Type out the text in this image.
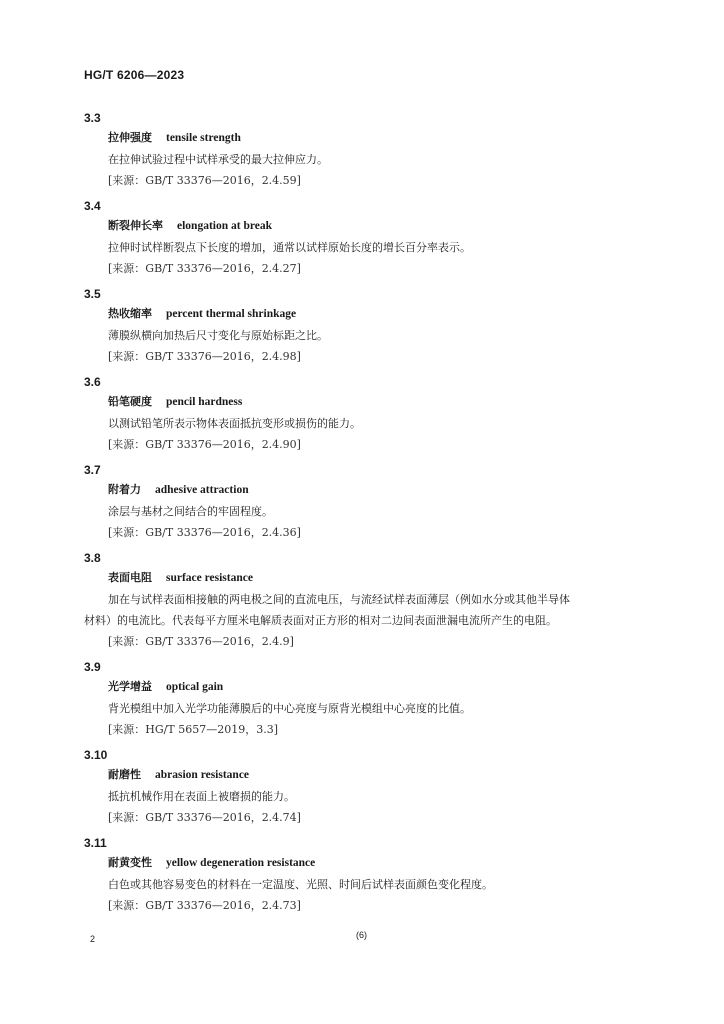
HG/T 6206—2023
3.3
拉伸强度 tensile strength
在拉伸试验过程中试样承受的最大拉伸应力。
[来源：GB/T 33376—2016，2.4.59]
3.4
断裂伸长率 elongation at break
拉伸时试样断裂点下长度的增加，通常以试样原始长度的增长百分率表示。
[来源：GB/T 33376—2016，2.4.27]
3.5
热收缩率 percent thermal shrinkage
薄膜纵横向加热后尺寸变化与原始标距之比。
[来源：GB/T 33376—2016，2.4.98]
3.6
铅笔硬度 pencil hardness
以测试铅笔所表示物体表面抵抗变形或损伤的能力。
[来源：GB/T 33376—2016，2.4.90]
3.7
附着力 adhesive attraction
涂层与基材之间结合的牢固程度。
[来源：GB/T 33376—2016，2.4.36]
3.8
表面电阻 surface resistance
加在与试样表面相接触的两电极之间的直流电压，与流经试样表面薄层（例如水分或其他半导体
材料）的电流比。代表每平方厘米电解质表面对正方形的相对二边间表面泄漏电流所产生的电阻。
[来源：GB/T 33376—2016，2.4.9]
3.9
光学增益 optical gain
背光模组中加入光学功能薄膜后的中心亮度与原背光模组中心亮度的比值。
[来源：HG/T 5657—2019，3.3]
3.10
耐磨性 abrasion resistance
抵抗机械作用在表面上被磨损的能力。
[来源：GB/T 33376—2016，2.4.74]
3.11
耐黄变性 yellow degeneration resistance
白色或其他容易变色的材料在一定温度、光照、时间后试样表面颜色变化程度。
[来源：GB/T 33376—2016，2.4.73]
2	(6)
